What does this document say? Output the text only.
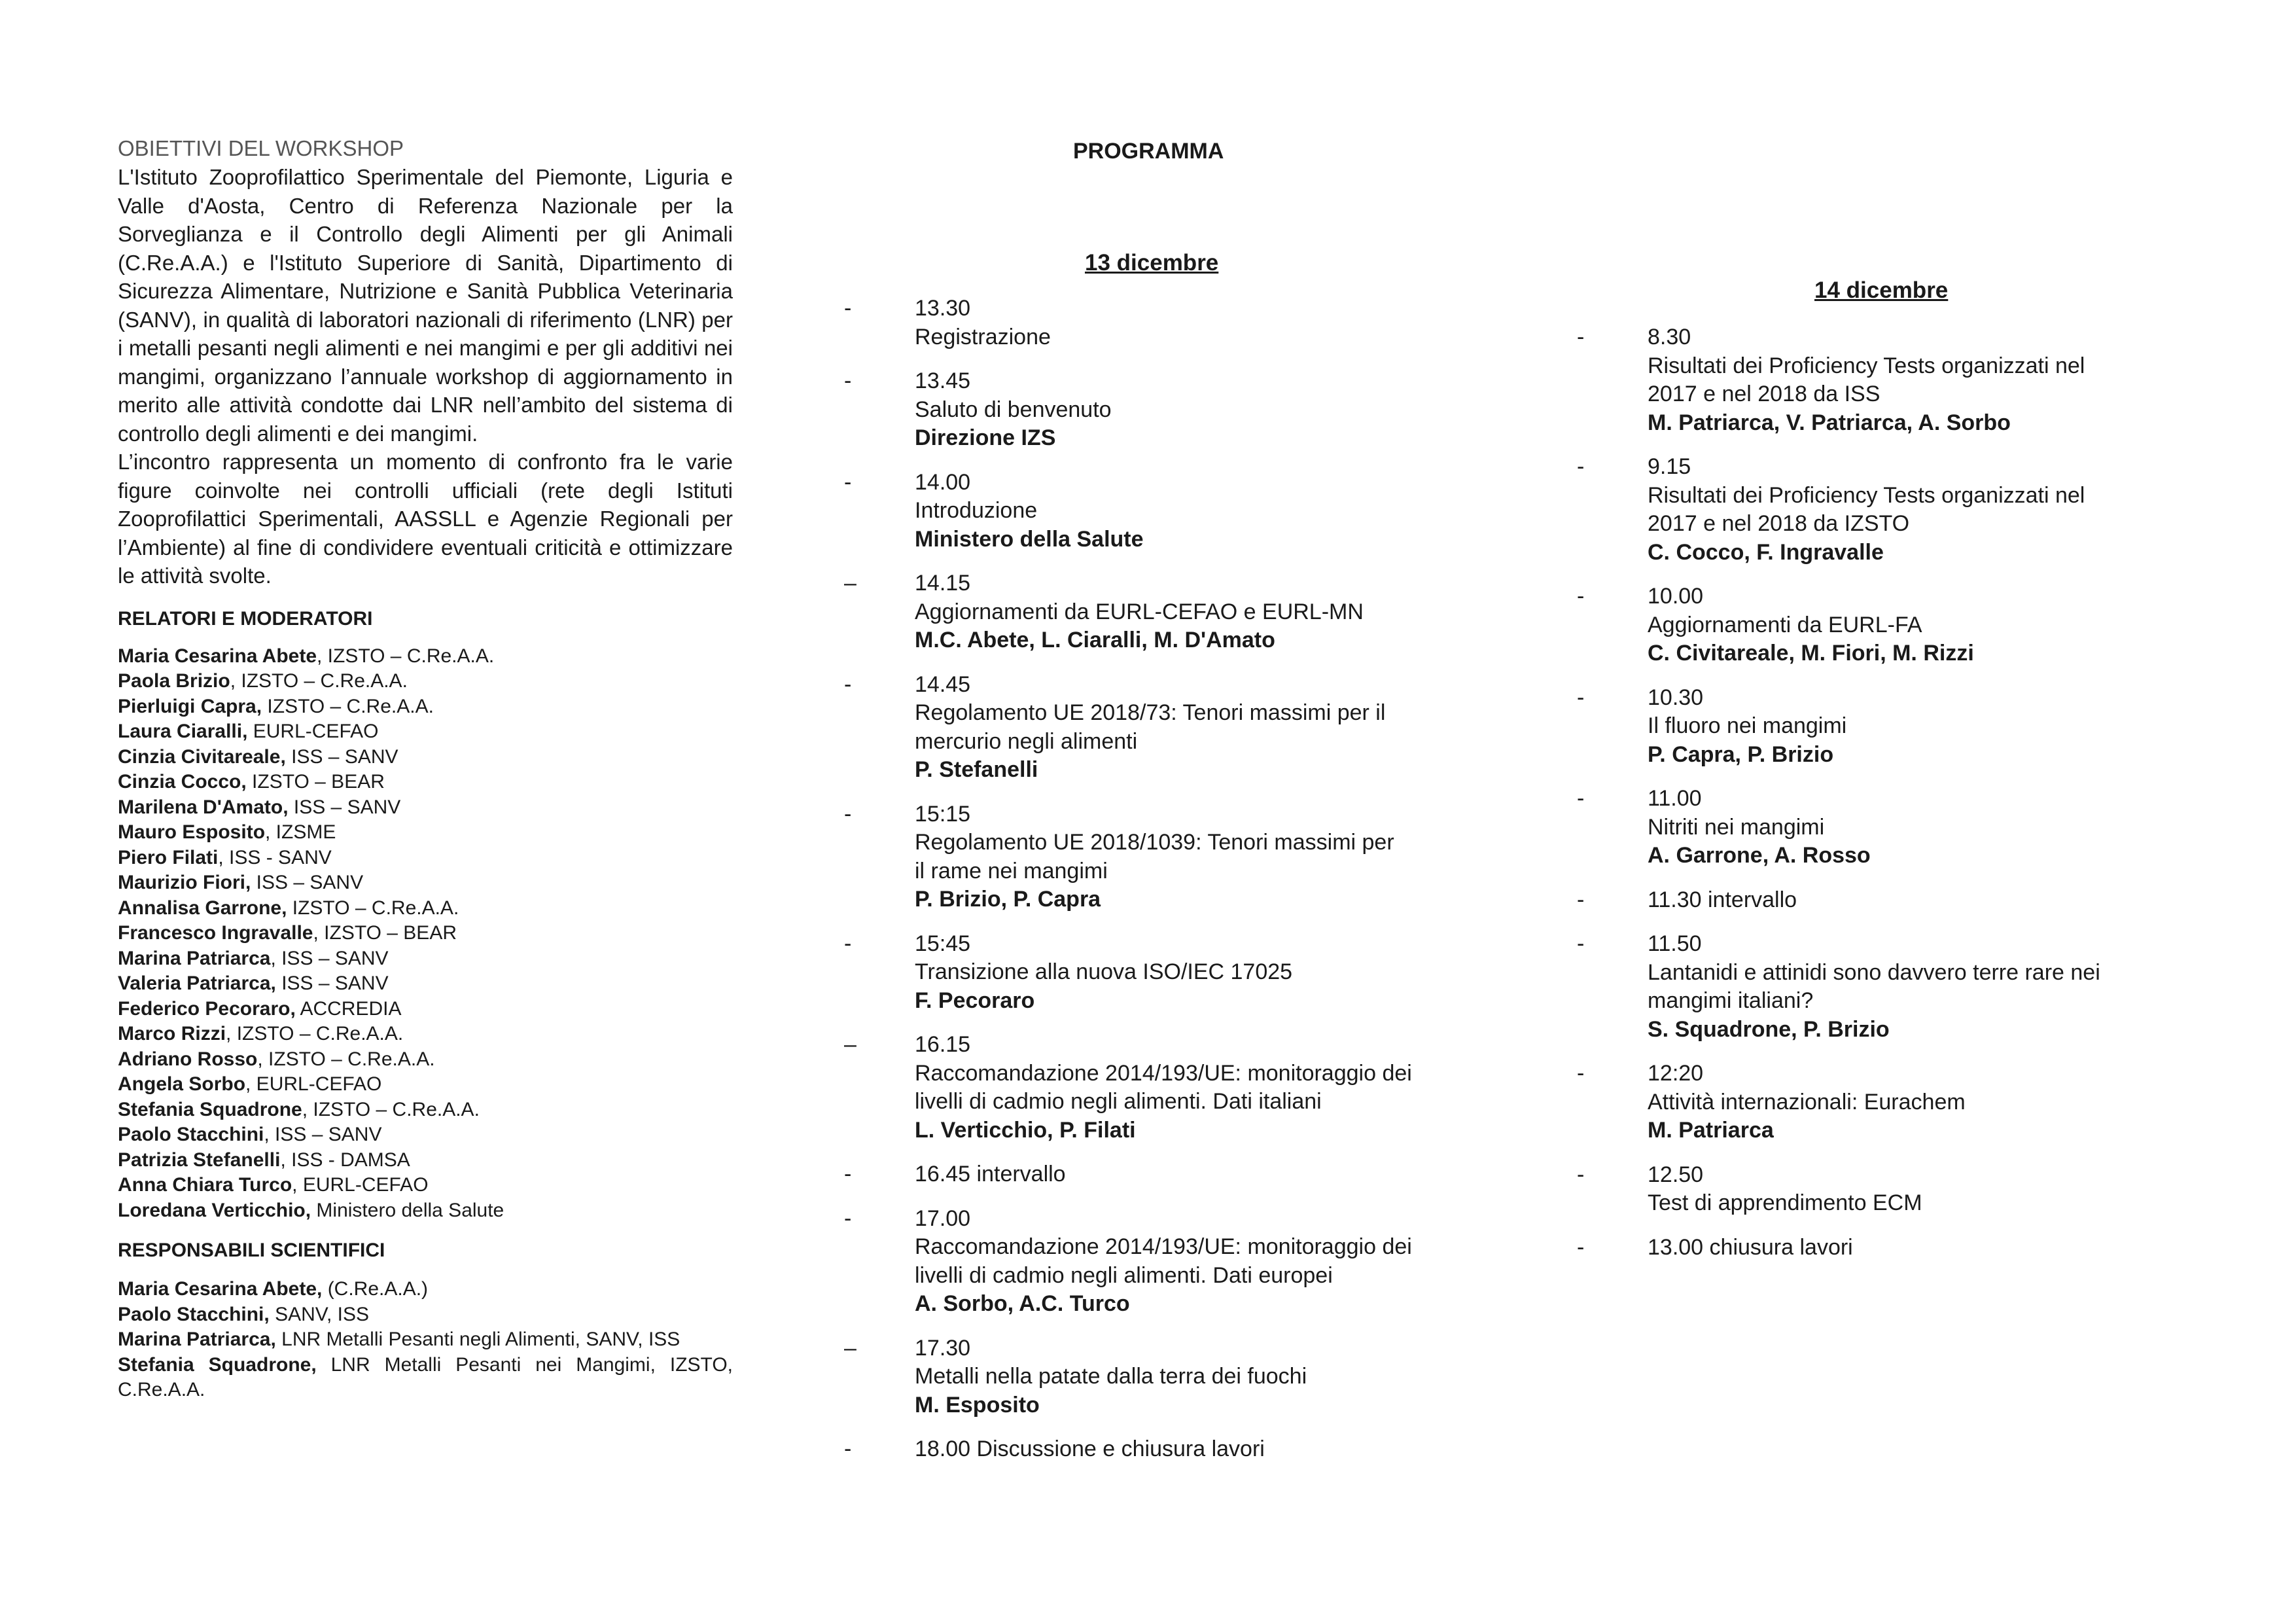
OBIETTIVI DEL WORKSHOP

L'Istituto Zooprofilattico Sperimentale del Piemonte, Liguria e Valle d'Aosta, Centro di Referenza Nazionale per la Sorveglianza e il Controllo degli Alimenti per gli Animali (C.Re.A.A.) e l'Istituto Superiore di Sanità, Dipartimento di Sicurezza Alimentare, Nutrizione e Sanità Pubblica Veterinaria (SANV), in qualità di laboratori nazionali di riferimento (LNR) per i metalli pesanti negli alimenti e nei mangimi e per gli additivi nei mangimi, organizzano l’annuale workshop di aggiornamento in merito alle attività condotte dai LNR nell’ambito del sistema di controllo degli alimenti e dei mangimi.

L’incontro rappresenta un momento di confronto fra le varie figure coinvolte nei controlli ufficiali (rete degli Istituti Zooprofilattici Sperimentali, AASSLL e Agenzie Regionali per l’Ambiente) al fine di condividere eventuali criticità e ottimizzare le attività svolte.

RELATORI E MODERATORI

Maria Cesarina Abete, IZSTO – C.Re.A.A.
Paola Brizio, IZSTO – C.Re.A.A.
Pierluigi Capra, IZSTO – C.Re.A.A.
Laura Ciaralli, EURL-CEFAO
Cinzia Civitareale, ISS – SANV
Cinzia Cocco, IZSTO – BEAR
Marilena D'Amato, ISS – SANV
Mauro Esposito, IZSME
Piero Filati, ISS - SANV
Maurizio Fiori, ISS – SANV
Annalisa Garrone, IZSTO – C.Re.A.A.
Francesco Ingravalle, IZSTO – BEAR
Marina Patriarca, ISS – SANV
Valeria Patriarca, ISS – SANV
Federico Pecoraro, ACCREDIA
Marco Rizzi, IZSTO – C.Re.A.A.
Adriano Rosso, IZSTO – C.Re.A.A.
Angela Sorbo, EURL-CEFAO
Stefania Squadrone, IZSTO – C.Re.A.A.
Paolo Stacchini, ISS – SANV
Patrizia Stefanelli, ISS - DAMSA
Anna Chiara Turco, EURL-CEFAO
Loredana Verticchio, Ministero della Salute

RESPONSABILI SCIENTIFICI

Maria Cesarina Abete, (C.Re.A.A.)
Paolo Stacchini, SANV, ISS
Marina Patriarca, LNR Metalli Pesanti negli Alimenti, SANV, ISS
Stefania Squadrone, LNR Metalli Pesanti nei Mangimi, IZSTO, C.Re.A.A.
PROGRAMMA
13 dicembre
-	13.30
Registrazione
-	13.45
Saluto di benvenuto
Direzione IZS
-	14.00
Introduzione
Ministero della Salute
–	14.15
Aggiornamenti da EURL-CEFAO e EURL-MN
M.C. Abete, L. Ciaralli, M. D'Amato
-	14.45
Regolamento UE 2018/73: Tenori massimi per il
mercurio negli alimenti
P. Stefanelli
-	15:15
Regolamento UE 2018/1039: Tenori massimi per
il rame nei mangimi
P. Brizio, P. Capra
-	15:45
Transizione alla nuova ISO/IEC 17025
F. Pecoraro
–	16.15
Raccomandazione 2014/193/UE: monitoraggio dei
livelli di cadmio negli alimenti. Dati italiani
L. Verticchio, P. Filati
-	16.45 intervallo
-	17.00
Raccomandazione 2014/193/UE: monitoraggio dei
livelli di cadmio negli alimenti. Dati europei
A. Sorbo, A.C. Turco
–	17.30
Metalli nella patate dalla terra dei fuochi
M. Esposito
-	18.00 Discussione e chiusura lavori
14 dicembre
-	8.30
Risultati dei Proficiency Tests organizzati nel
2017 e nel 2018 da ISS
M. Patriarca, V. Patriarca, A. Sorbo
-	9.15
Risultati dei Proficiency Tests organizzati nel
2017 e nel 2018 da IZSTO
C. Cocco, F. Ingravalle
-	10.00
Aggiornamenti da EURL-FA
C. Civitareale, M. Fiori, M. Rizzi
-	10.30
Il fluoro nei mangimi
P. Capra, P. Brizio
-	11.00
Nitriti nei mangimi
A. Garrone, A. Rosso
-	11.30 intervallo
-	11.50
Lantanidi e attinidi sono davvero terre rare nei
mangimi italiani?
S. Squadrone, P. Brizio
-	12:20
Attività internazionali: Eurachem
M. Patriarca
-	12.50
Test di apprendimento ECM
-	13.00 chiusura lavori
